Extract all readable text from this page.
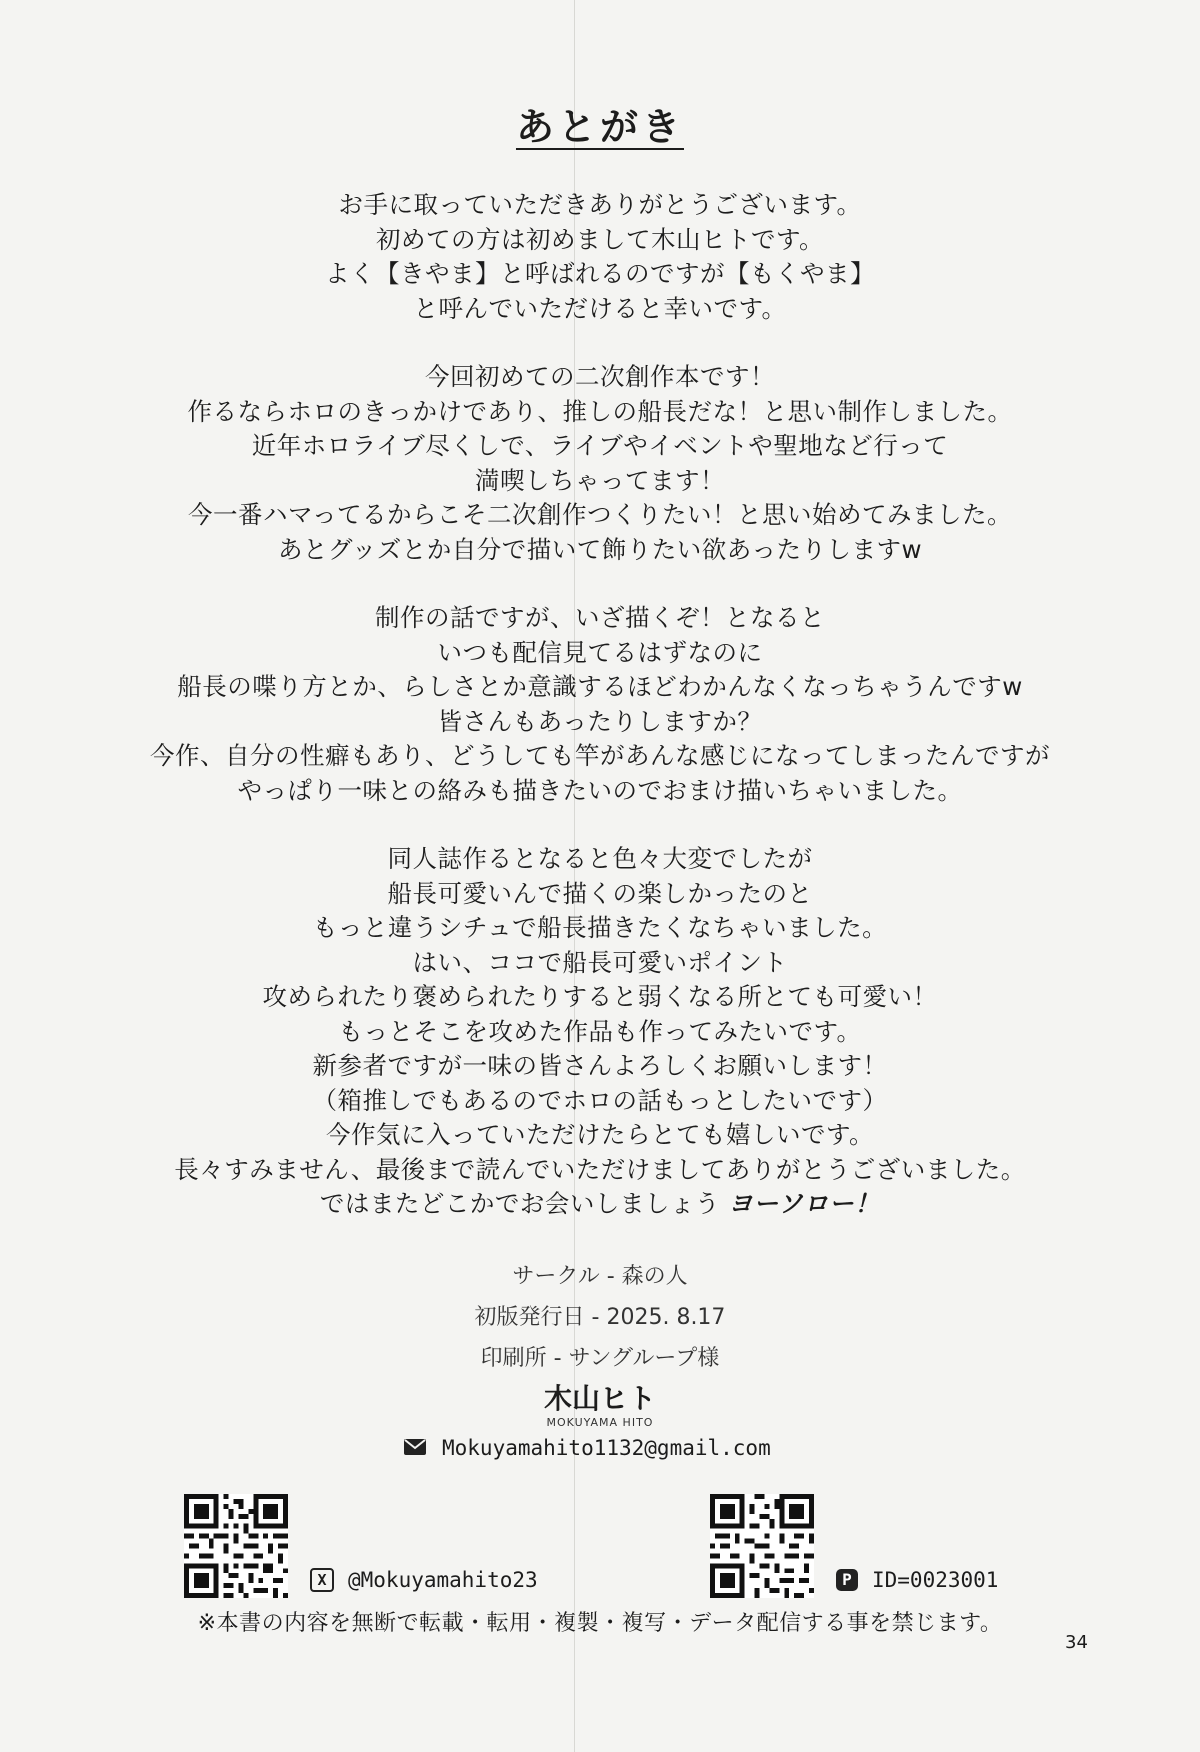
あとがき
お手に取っていただきありがとうございます。
初めての方は初めまして木山ヒトです。
よく【きやま】と呼ばれるのですが【もくやま】
と呼んでいただけると幸いです。
今回初めての二次創作本です！
作るならホロのきっかけであり、推しの船長だな！と思い制作しました。
近年ホロライブ尽くしで、ライブやイベントや聖地など行って
満喫しちゃってます！
今一番ハマってるからこそ二次創作つくりたい！と思い始めてみました。
あとグッズとか自分で描いて飾りたい欲あったりしますw
制作の話ですが、いざ描くぞ！となると
いつも配信見てるはずなのに
船長の喋り方とか、らしさとか意識するほどわかんなくなっちゃうんですw
皆さんもあったりしますか？
今作、自分の性癖もあり、どうしても竿があんな感じになってしまったんですが
やっぱり一味との絡みも描きたいのでおまけ描いちゃいました。
同人誌作るとなると色々大変でしたが
船長可愛いんで描くの楽しかったのと
もっと違うシチュで船長描きたくなちゃいました。
はい、ココで船長可愛いポイント
攻められたり褒められたりすると弱くなる所とても可愛い！
もっとそこを攻めた作品も作ってみたいです。
新参者ですが一味の皆さんよろしくお願いします！
（箱推しでもあるのでホロの話もっとしたいです）
今作気に入っていただけたらとても嬉しいです。
長々すみません、最後まで読んでいただけましてありがとうございました。
ではまたどこかでお会いしましょう ヨーソロー！
サークル - 森の人
初版発行日 - 2025. 8.17
印刷所 - サングループ様
木山ヒト
MOKUYAMA HITO
Mokuyamahito1132@gmail.com
X	@Mokuyamahito23	P ID=0023001
※本書の内容を無断で転載・転用・複製・複写・データ配信する事を禁じます。
34
